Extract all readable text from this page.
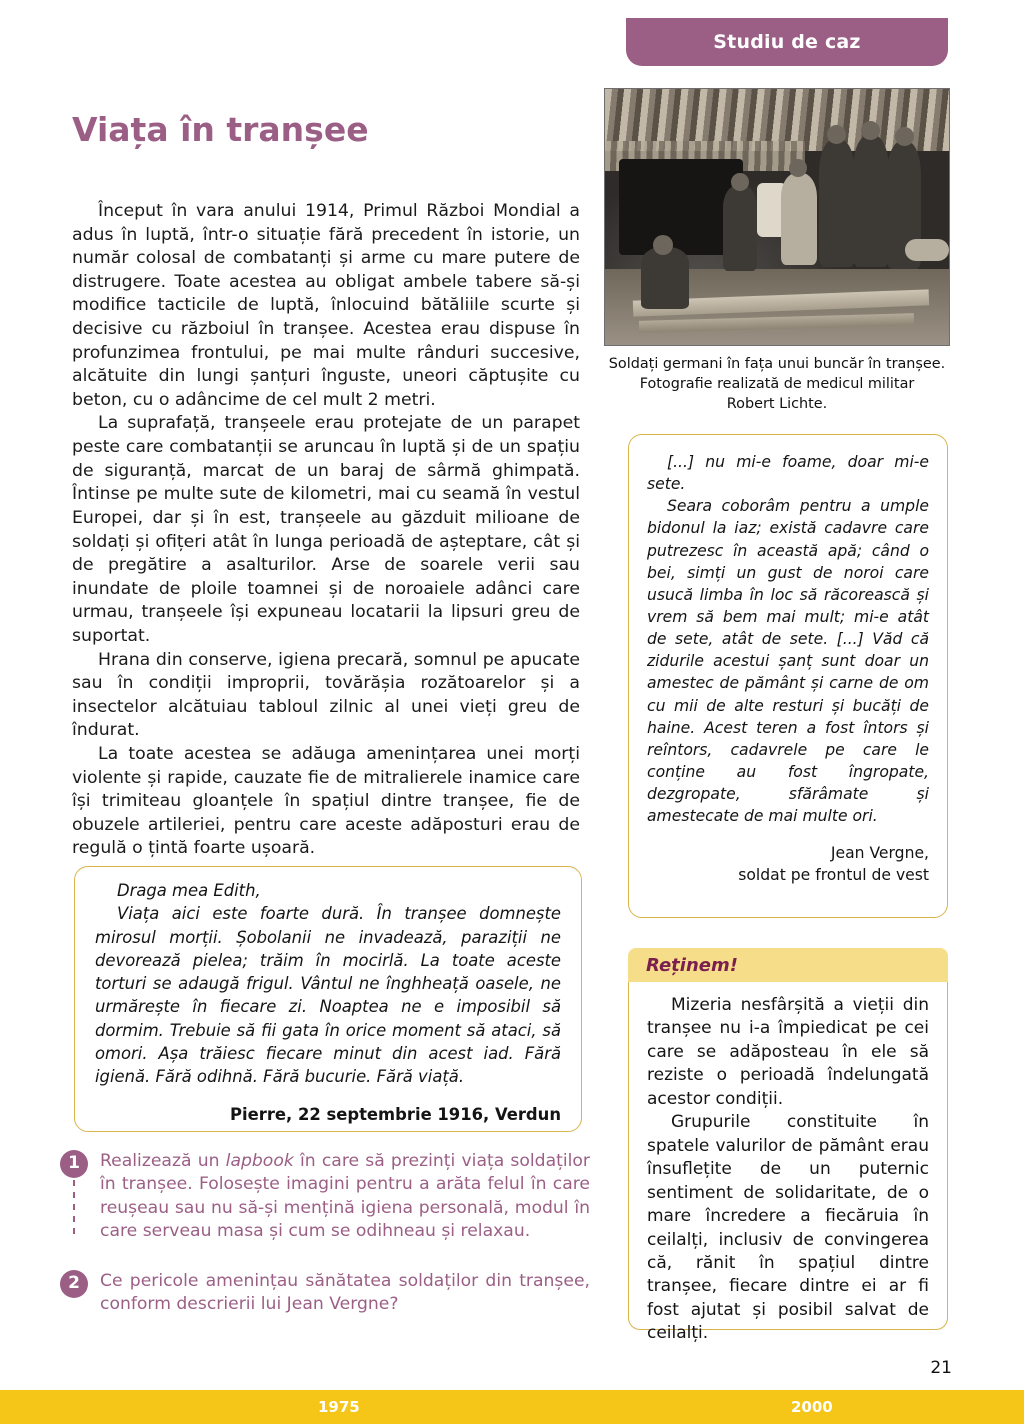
Studiu de caz
Viața în tranșee

Început în vara anului 1914, Primul Război Mondial a adus în luptă, într-o situație fără precedent în istorie, un număr colosal de combatanți și arme cu mare putere de distrugere. Toate acestea au obligat ambele tabere să-și modifice tacticile de luptă, înlocuind bătăliile scurte și decisive cu războiul în tranșee. Acestea erau dispuse în profunzimea frontului, pe mai multe rânduri succesive, alcătuite din lungi șanțuri înguste, uneori căptușite cu beton, cu o adâncime de cel mult 2 metri.

La suprafață, tranșeele erau protejate de un parapet peste care combatanții se aruncau în luptă și de un spațiu de siguranță, marcat de un baraj de sârmă ghimpată. Întinse pe multe sute de kilometri, mai cu seamă în vestul Europei, dar și în est, tranșeele au găzduit milioane de soldați și ofițeri atât în lunga perioadă de așteptare, cât și de pregătire a asalturilor. Arse de soarele verii sau inundate de ploile toamnei și de noroaiele adânci care urmau, tranșeele își expuneau locatarii la lipsuri greu de suportat.

Hrana din conserve, igiena precară, somnul pe apucate sau în condiții improprii, tovărășia rozătoarelor și a insectelor alcătuiau tabloul zilnic al unei vieți greu de îndurat.

La toate acestea se adăuga amenințarea unei morți violente și rapide, cauzate fie de mitralierele inamice care își trimiteau gloanțele în spațiul dintre tranșee, fie de obuzele artileriei, pentru care aceste adăposturi erau de regulă o țintă foarte ușoară.

Soldați germani în fața unui buncăr în tranșee.
Fotografie realizată de medicul militar
Robert Lichte.

[...] nu mi-e foame, doar mi-e sete.

Seara coborâm pentru a umple bidonul la iaz; există cadavre care putrezesc în această apă; când o bei, simți un gust de noroi care usucă limba în loc să răcorească și vrem să bem mai mult; mi-e atât de sete, atât de sete. [...] Văd că zidurile acestui șanț sunt doar un amestec de pământ și carne de om cu mii de alte resturi și bucăți de haine. Acest teren a fost întors și reîntors, cadavrele pe care le conține au fost îngropate, dezgropate, sfărâmate și amestecate de mai multe ori.

Jean Vergne,
soldat pe frontul de vest
Reținem!

Mizeria nesfârșită a vieții din tranșee nu i-a împiedicat pe cei care se adăposteau în ele să reziste o perioadă îndelungată acestor condiții.

Grupurile constituite în spatele valurilor de pământ erau însuflețite de un puternic sentiment de solidaritate, de o mare încredere a fiecăruia în ceilalți, inclusiv de convingerea că, rănit în spațiul dintre tranșee, fiecare dintre ei ar fi fost ajutat și posibil salvat de ceilalți.

Draga mea Edith,

Viața aici este foarte dură. În tranșee domnește mirosul morții. Șobolanii ne invadează, paraziții ne devorează pielea; trăim în mocirlă. La toate aceste torturi se adaugă frigul. Vântul ne înghheață oasele, ne urmărește în fiecare zi. Noaptea ne e imposibil să dormim. Trebuie să fii gata în orice moment să ataci, să omori. Așa trăiesc fiecare minut din acest iad. Fără igienă. Fără odihnă. Fără bucurie. Fără viață.

Pierre, 22 septembrie 1916, Verdun
1	Realizează un lapbook în care să prezinți viața soldaților în tranșee. Folosește imagini pentru a arăta felul în care reușeau sau nu să-și mențină igiena personală, modul în care serveau masa și cum se odihneau și relaxau.
2	Ce pericole amenințau sănătatea soldaților din tranșee, conform descrierii lui Jean Vergne?
21
1975	2000
